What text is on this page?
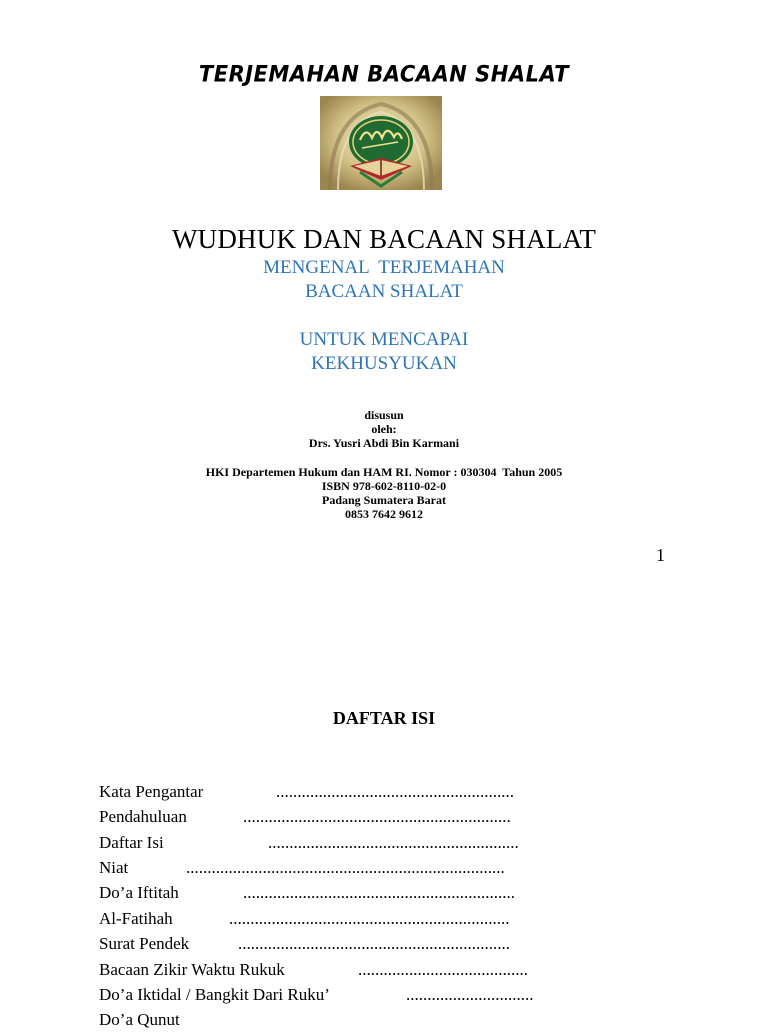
TERJEMAHAN BACAAN SHALAT
WUDHUK DAN BACAAN SHALAT
MENGENAL  TERJEMAHAN
BACAAN SHALAT
UNTUK MENCAPAI
KEKHUSYUKAN
disusun
oleh:
Drs. Yusri Abdi Bin Karmani
HKI Departemen Hukum dan HAM RI. Nomor : 030304  Tahun 2005
ISBN 978-602-8110-02-0
Padang Sumatera Barat
0853 7642 9612
1
DAFTAR ISI
Kata Pengantar	........................................................
Pendahuluan	...............................................................
Daftar Isi	...........................................................
Niat	...........................................................................
Do’a Iftitah	................................................................
Al-Fatihah	..................................................................
Surat Pendek	................................................................
Bacaan Zikir Waktu Rukuk	........................................
Do’a Iktidal / Bangkit Dari Ruku’	..............................
Do’a Qunut
